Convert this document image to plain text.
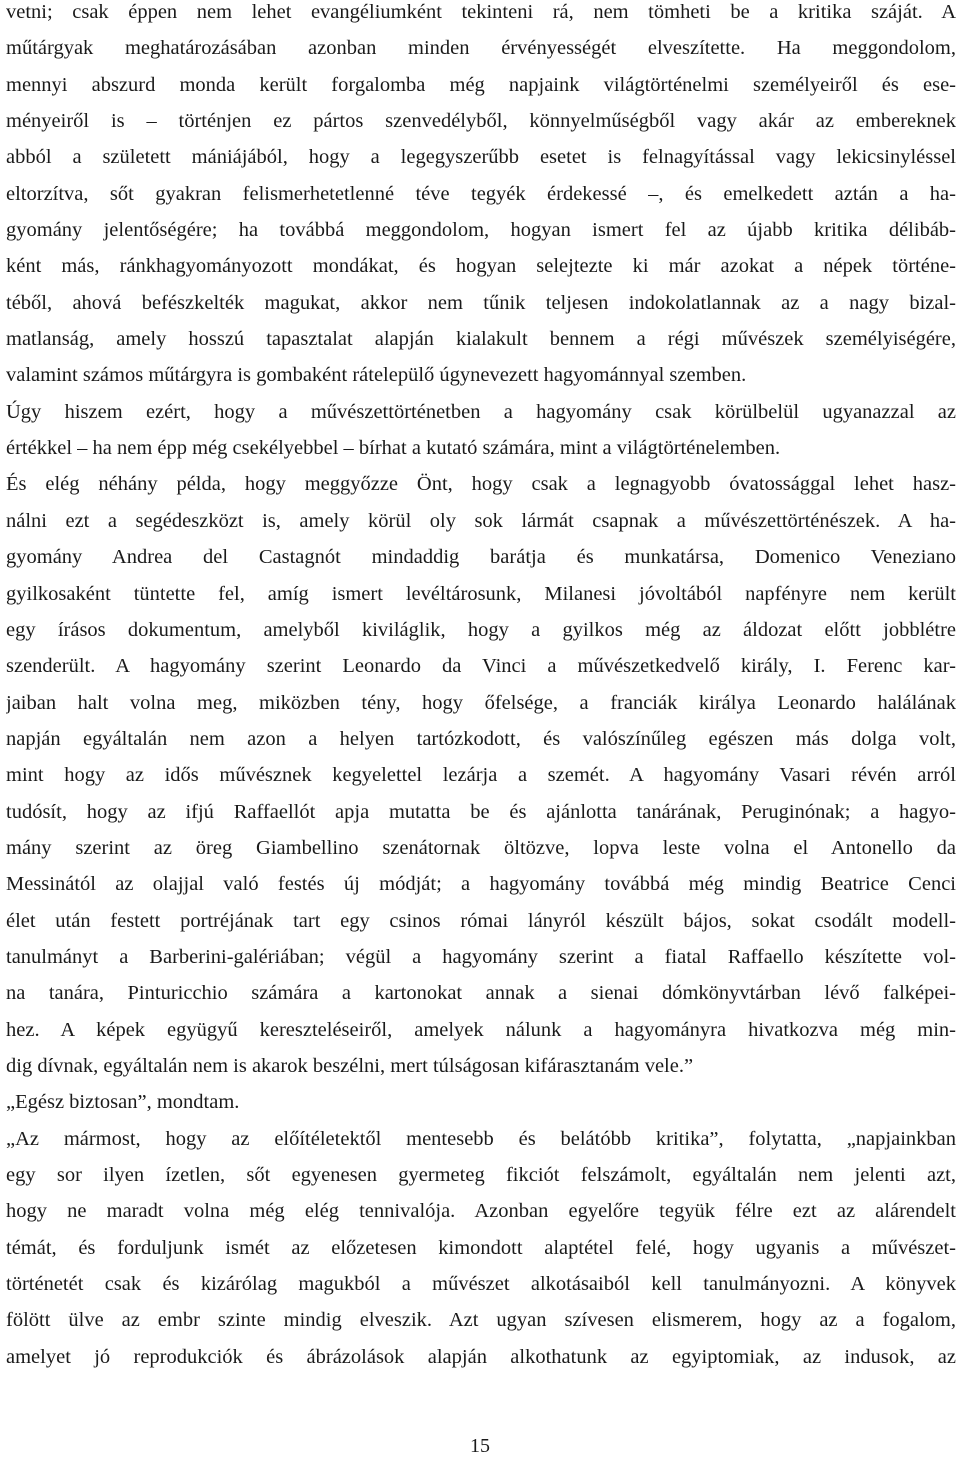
vetni; csak éppen nem lehet evangéliumként tekinteni rá, nem tömheti be a kritika száját. A
műtárgyak meghatározásában azonban minden érvényességét elveszítette. Ha meggondolom,
mennyi abszurd monda került forgalomba még napjaink világtörténelmi személyeiről és ese-
ményeiről is – történjen ez pártos szenvedélyből, könnyelműségből vagy akár az embereknek
abból a született mániájából, hogy a legegyszerűbb esetet is felnagyítással vagy lekicsinyléssel
eltorzítva, sőt gyakran felismerhetetlenné téve tegyék érdekessé –, és emelkedett aztán a ha-
gyomány jelentőségére; ha továbbá meggondolom, hogyan ismert fel az újabb kritika délibáb-
ként más, ránkhagyományozott mondákat, és hogyan selejtezte ki már azokat a népek történe-
téből, ahová befészkelték magukat, akkor nem tűnik teljesen indokolatlannak az a nagy bizal-
matlanság, amely hosszú tapasztalat alapján kialakult bennem a régi művészek személyiségére,
valamint számos műtárgyra is gombaként rátelepülő úgynevezett hagyománnyal szemben.
Úgy hiszem ezért, hogy a művészettörténetben a hagyomány csak körülbelül ugyanazzal az
értékkel – ha nem épp még csekélyebbel – bírhat a kutató számára, mint a világtörténelemben.
És elég néhány példa, hogy meggyőzze Önt, hogy csak a legnagyobb óvatossággal lehet hasz-
nálni ezt a segédeszközt is, amely körül oly sok lármát csapnak a művészettörténészek. A ha-
gyomány Andrea del Castagnót mindaddig barátja és munkatársa, Domenico Veneziano
gyilkosaként tüntette fel, amíg ismert levéltárosunk, Milanesi jóvoltából napfényre nem került
egy írásos dokumentum, amelyből kiviláglik, hogy a gyilkos még az áldozat előtt jobblétre
szenderült. A hagyomány szerint Leonardo da Vinci a művészetkedvelő király, I. Ferenc kar-
jaiban halt volna meg, miközben tény, hogy őfelsége, a franciák királya Leonardo halálának
napján egyáltalán nem azon a helyen tartózkodott, és valószínűleg egészen más dolga volt,
mint hogy az idős művésznek kegyelettel lezárja a szemét. A hagyomány Vasari révén arról
tudósít, hogy az ifjú Raffaellót apja mutatta be és ajánlotta tanárának, Peruginónak; a hagyo-
mány szerint az öreg Giambellino szenátornak öltözve, lopva leste volna el Antonello da
Messinától az olajjal való festés új módját; a hagyomány továbbá még mindig Beatrice Cenci
élet után festett portréjának tart egy csinos római lányról készült bájos, sokat csodált modell-
tanulmányt a Barberini-galériában; végül a hagyomány szerint a fiatal Raffaello készítette vol-
na tanára, Pinturicchio számára a kartonokat annak a sienai dómkönyvtárban lévő falképei-
hez. A képek együgyű kereszteléseiről, amelyek nálunk a hagyományra hivatkozva még min-
dig dívnak, egyáltalán nem is akarok beszélni, mert túlságosan kifárasztanám vele.”
„Egész biztosan”, mondtam.
„Az mármost, hogy az előítéletektől mentesebb és belátóbb kritika”, folytatta, „napjainkban
egy sor ilyen ízetlen, sőt egyenesen gyermeteg fikciót felszámolt, egyáltalán nem jelenti azt,
hogy ne maradt volna még elég tennivalója. Azonban egyelőre tegyük félre ezt az alárendelt
témát, és forduljunk ismét az előzetesen kimondott alaptétel felé, hogy ugyanis a művészet-
történetét csak és kizárólag magukból a művészet alkotásaiból kell tanulmányozni. A könyvek
fölött ülve az embr szinte mindig elveszik. Azt ugyan szívesen elismerem, hogy az a fogalom,
amelyet jó reprodukciók és ábrázolások alapján alkothatunk az egyiptomiak, az indusok, az
15
